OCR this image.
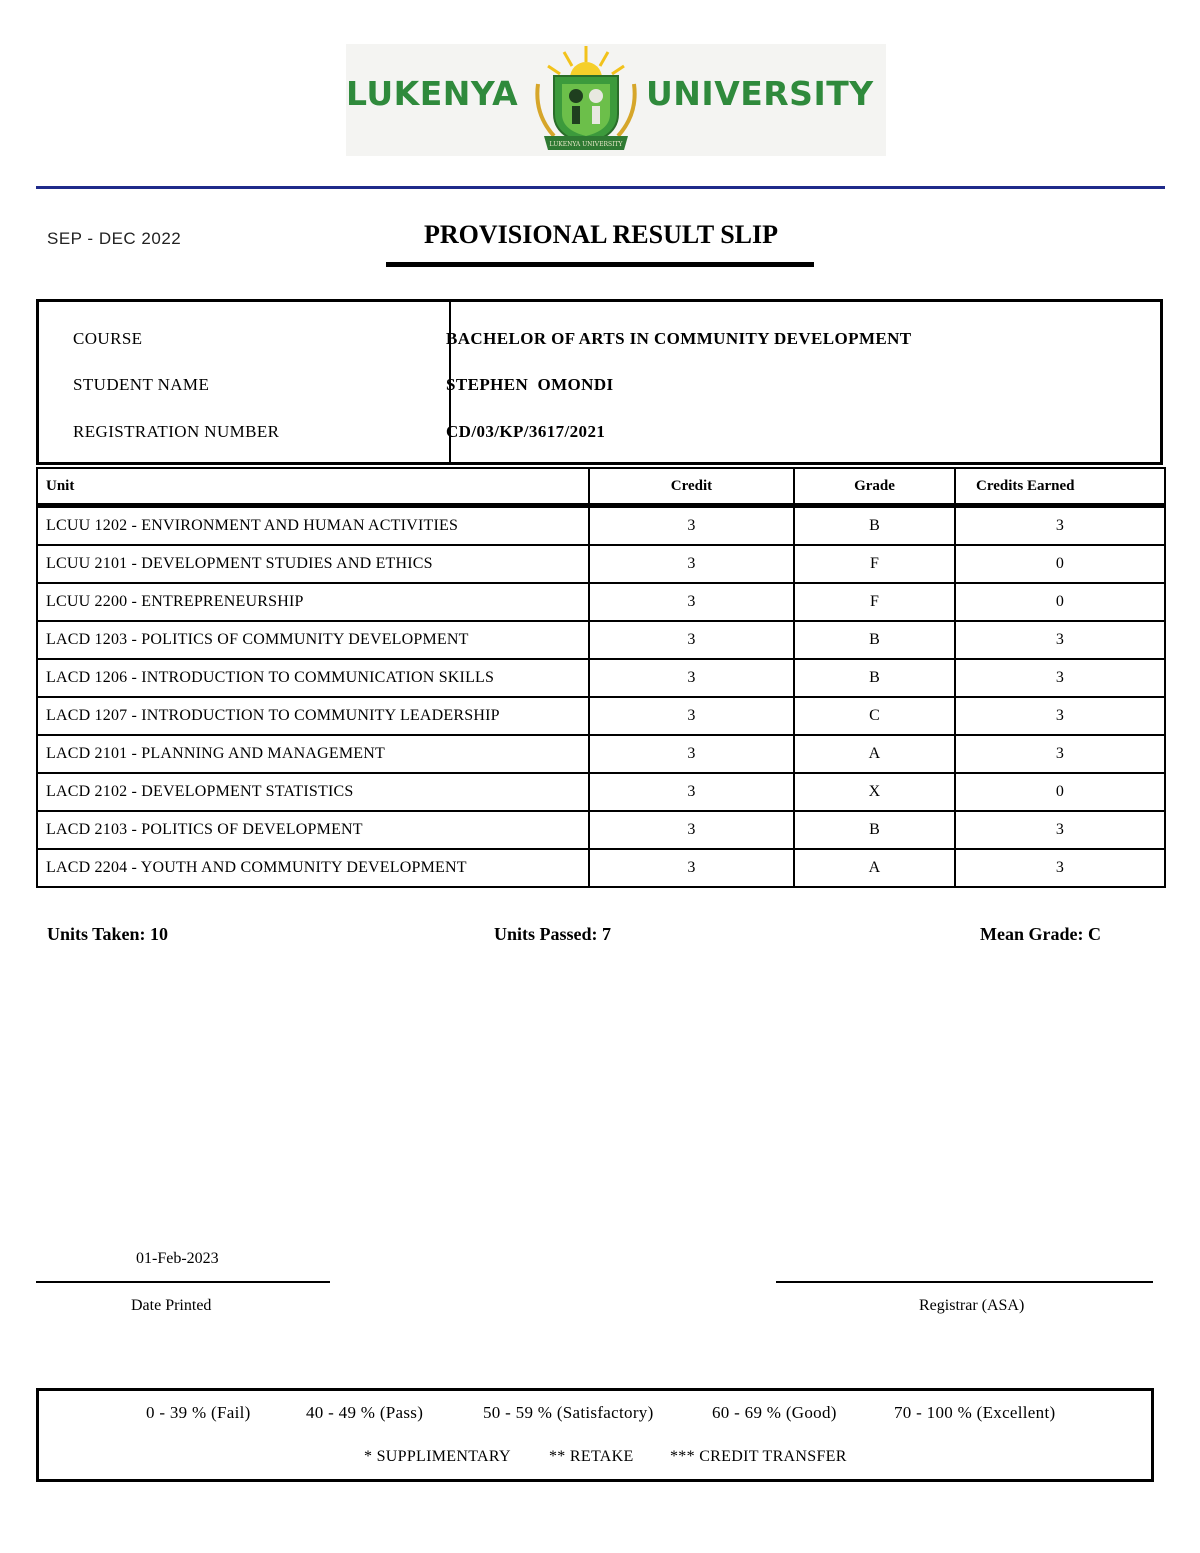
LUKENYA
LUKENYA UNIVERSITY
UNIVERSITY
SEP - DEC 2022	PROVISIONAL RESULT SLIP
COURSE	BACHELOR OF ARTS IN COMMUNITY DEVELOPMENT
STUDENT NAME	STEPHEN  OMONDI
REGISTRATION NUMBER	CD/03/KP/3617/2021
Unit	Credit	Grade	Credits Earned
LCUU 1202 - ENVIRONMENT AND HUMAN ACTIVITIES	3	B	3
LCUU 2101 - DEVELOPMENT STUDIES AND ETHICS	3	F	0
LCUU 2200 - ENTREPRENEURSHIP	3	F	0
LACD 1203 - POLITICS OF COMMUNITY DEVELOPMENT	3	B	3
LACD 1206 - INTRODUCTION TO COMMUNICATION SKILLS	3	B	3
LACD 1207 - INTRODUCTION TO COMMUNITY LEADERSHIP	3	C	3
LACD 2101 - PLANNING AND MANAGEMENT	3	A	3
LACD 2102 - DEVELOPMENT STATISTICS	3	X	0
LACD 2103 - POLITICS OF DEVELOPMENT	3	B	3
LACD 2204 - YOUTH AND COMMUNITY DEVELOPMENT	3	A	3
Units Taken: 10	Units Passed: 7	Mean Grade: C
01-Feb-2023
Date Printed	Registrar (ASA)
0 - 39 % (Fail)	40 - 49 % (Pass)	50 - 59 % (Satisfactory)	60 - 69 % (Good)	70 - 100 % (Excellent)
* SUPPLIMENTARY ** RETAKE *** CREDIT TRANSFER
